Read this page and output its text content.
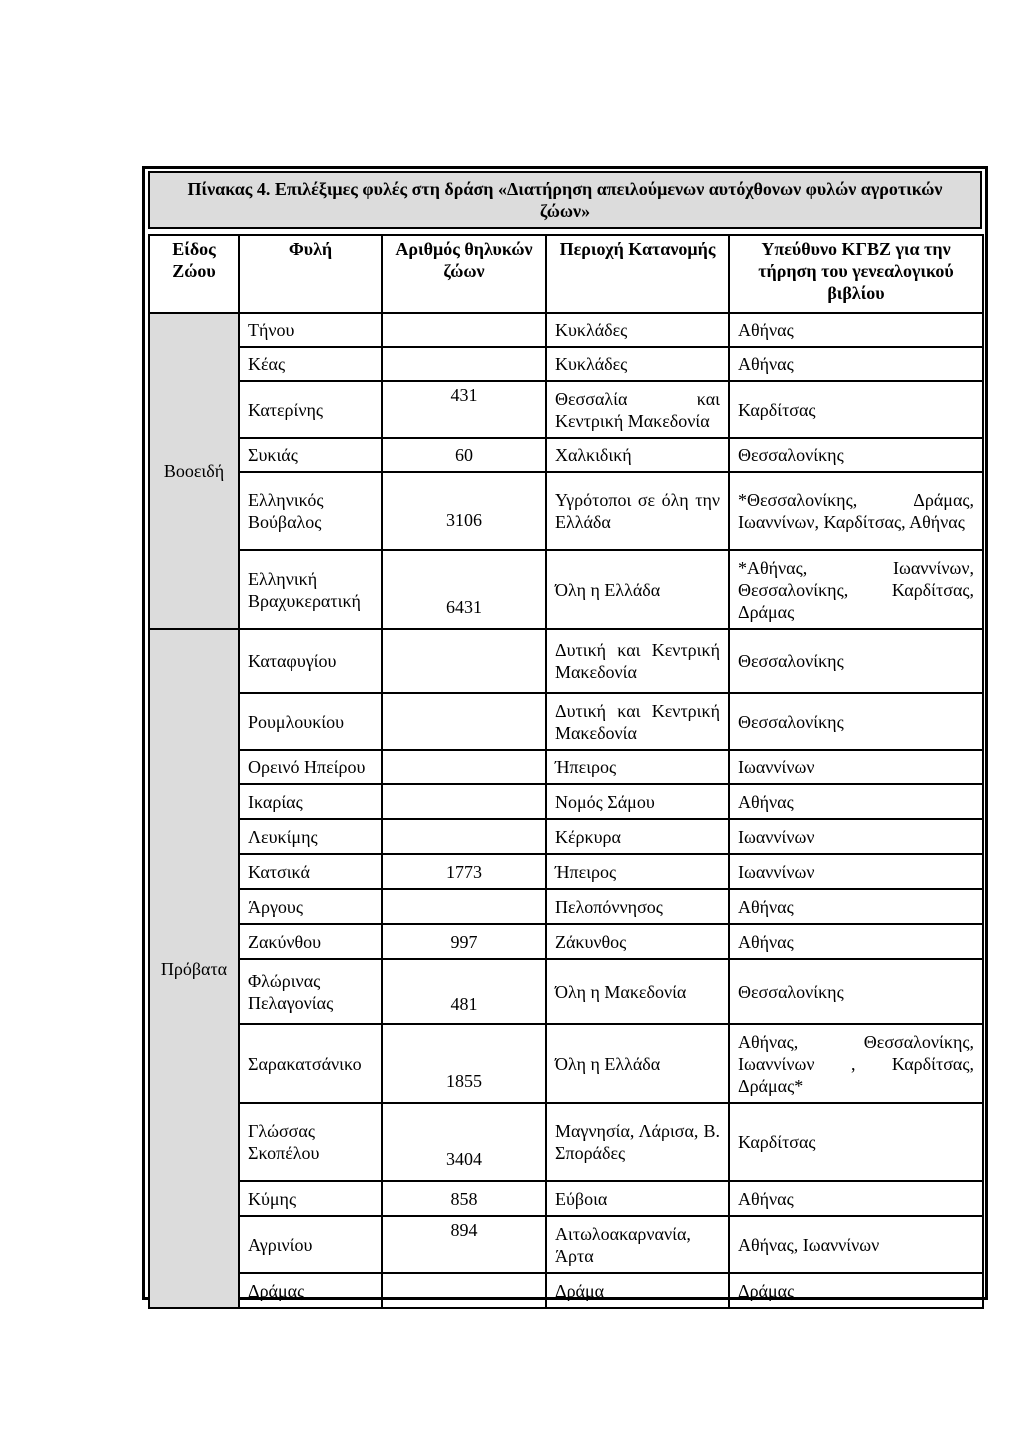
Πίνακας 4. Επιλέξιμες φυλές στη δράση «Διατήρηση απειλούμενων αυτόχθονων φυλών αγροτικών
ζώων»
Είδος Ζώου	Φυλή	Αριθμός θηλυκών ζώων	Περιοχή Κατανομής	Υπεύθυνο ΚΓΒΖ για την τήρηση του γενεαλογικού βιβλίου
Βοοειδή	Τήνου		Κυκλάδες	Αθήνας
	Κέας		Κυκλάδες	Αθήνας
	Κατερίνης	431	Θεσσαλία και Κεντρική Μακεδονία	Καρδίτσας
	Συκιάς	60	Χαλκιδική	Θεσσαλονίκης
	Ελληνικός Βούβαλος	3106	Υγρότοποι σε όλη την Ελλάδα	*Θεσσαλονίκης, Δράμας, Ιωαννίνων, Καρδίτσας, Αθήνας
	Ελληνική Βραχυκερατική	6431	Όλη η Ελλάδα	*Αθήνας, Ιωαννίνων, Θεσσαλονίκης, Καρδίτσας, Δράμας
Πρόβατα	Καταφυγίου		Δυτική και Κεντρική Μακεδονία	Θεσσαλονίκης
	Ρουμλουκίου		Δυτική και Κεντρική Μακεδονία	Θεσσαλονίκης
	Ορεινό Ηπείρου		Ήπειρος	Ιωαννίνων
	Ικαρίας		Νομός Σάμου	Αθήνας
	Λευκίμης		Κέρκυρα	Ιωαννίνων
	Κατσικά	1773	Ήπειρος	Ιωαννίνων
	Άργους		Πελοπόννησος	Αθήνας
	Ζακύνθου	997	Ζάκυνθος	Αθήνας
	Φλώρινας Πελαγονίας	481	Όλη η Μακεδονία	Θεσσαλονίκης
	Σαρακατσάνικο	1855	Όλη η Ελλάδα	Αθήνας, Θεσσαλονίκης, Ιωαννίνων , Καρδίτσας, Δράμας*
	Γλώσσας Σκοπέλου	3404	Μαγνησία, Λάρισα, Β. Σποράδες	Καρδίτσας
	Κύμης	858	Εύβοια	Αθήνας
	Αγρινίου	894	Αιτωλοακαρνανία, Άρτα	Αθήνας, Ιωαννίνων
	Δράμας		Δράμα	Δράμας
